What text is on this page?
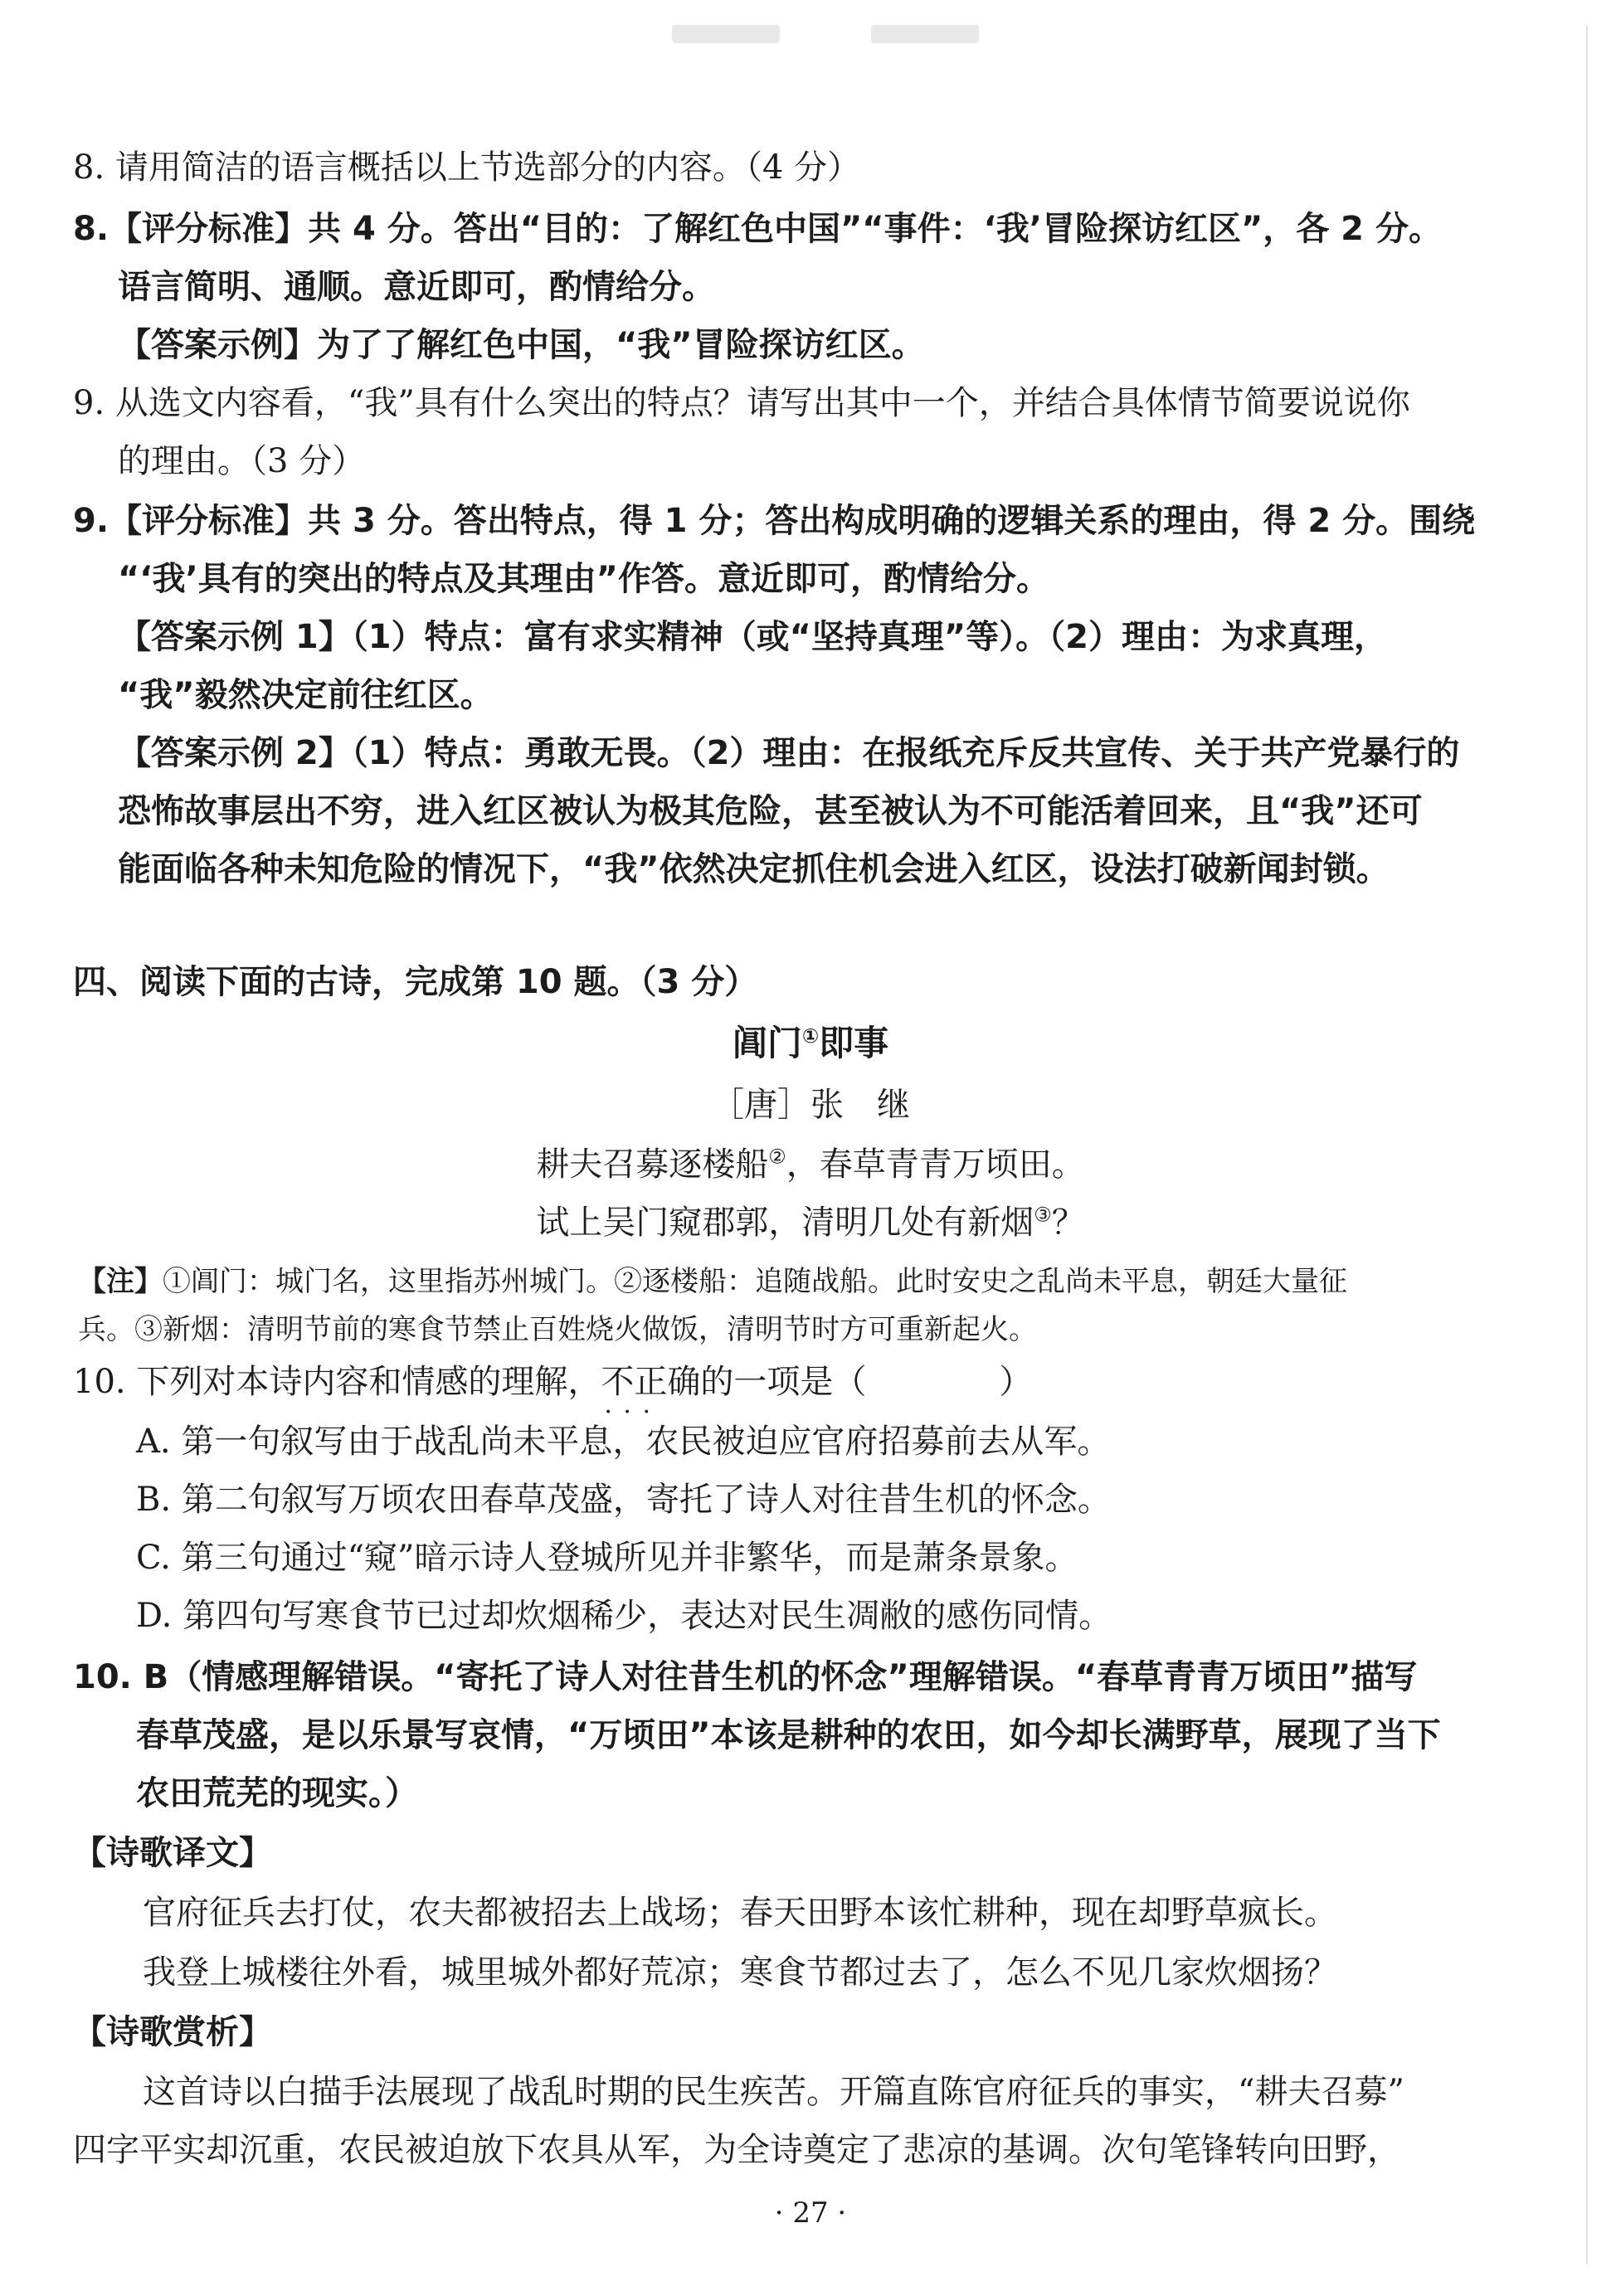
8. 请用简洁的语言概括以上节选部分的内容。（4 分）
8.【评分标准】共 4 分。答出“目的：了解红色中国”“事件：‘我’冒险探访红区”，各 2 分。
语言简明、通顺。意近即可，酌情给分。
【答案示例】为了了解红色中国，“我”冒险探访红区。
9. 从选文内容看，“我”具有什么突出的特点？请写出其中一个，并结合具体情节简要说说你
的理由。（3 分）
9.【评分标准】共 3 分。答出特点，得 1 分；答出构成明确的逻辑关系的理由，得 2 分。围绕
“‘我’具有的突出的特点及其理由”作答。意近即可，酌情给分。
【答案示例 1】（1）特点：富有求实精神（或“坚持真理”等）。（2）理由：为求真理，
“我”毅然决定前往红区。
【答案示例 2】（1）特点：勇敢无畏。（2）理由：在报纸充斥反共宣传、关于共产党暴行的
恐怖故事层出不穷，进入红区被认为极其危险，甚至被认为不可能活着回来，且“我”还可
能面临各种未知危险的情况下，“我”依然决定抓住机会进入红区，设法打破新闻封锁。
四、阅读下面的古诗，完成第 10 题。（3 分）
阊门①即事
［唐］张　继
耕夫召募逐楼船②，春草青青万顷田。
试上吴门窥郡郭，清明几处有新烟③？
【注】①阊门：城门名，这里指苏州城门。②逐楼船：追随战船。此时安史之乱尚未平息，朝廷大量征
兵。③新烟：清明节前的寒食节禁止百姓烧火做饭，清明节时方可重新起火。
10. 下列对本诗内容和情感的理解，不正确 · · ·的一项是（　　　　）
A. 第一句叙写由于战乱尚未平息，农民被迫应官府招募前去从军。
B. 第二句叙写万顷农田春草茂盛，寄托了诗人对往昔生机的怀念。
C. 第三句通过“窥”暗示诗人登城所见并非繁华，而是萧条景象。
D. 第四句写寒食节已过却炊烟稀少，表达对民生凋敝的感伤同情。
10. B（情感理解错误。“寄托了诗人对往昔生机的怀念”理解错误。“春草青青万顷田”描写
春草茂盛，是以乐景写哀情，“万顷田”本该是耕种的农田，如今却长满野草，展现了当下
农田荒芜的现实。）
【诗歌译文】
官府征兵去打仗，农夫都被招去上战场；春天田野本该忙耕种，现在却野草疯长。
我登上城楼往外看，城里城外都好荒凉；寒食节都过去了，怎么不见几家炊烟扬？
【诗歌赏析】
这首诗以白描手法展现了战乱时期的民生疾苦。开篇直陈官府征兵的事实，“耕夫召募”
四字平实却沉重，农民被迫放下农具从军，为全诗奠定了悲凉的基调。次句笔锋转向田野，
· 27 ·
